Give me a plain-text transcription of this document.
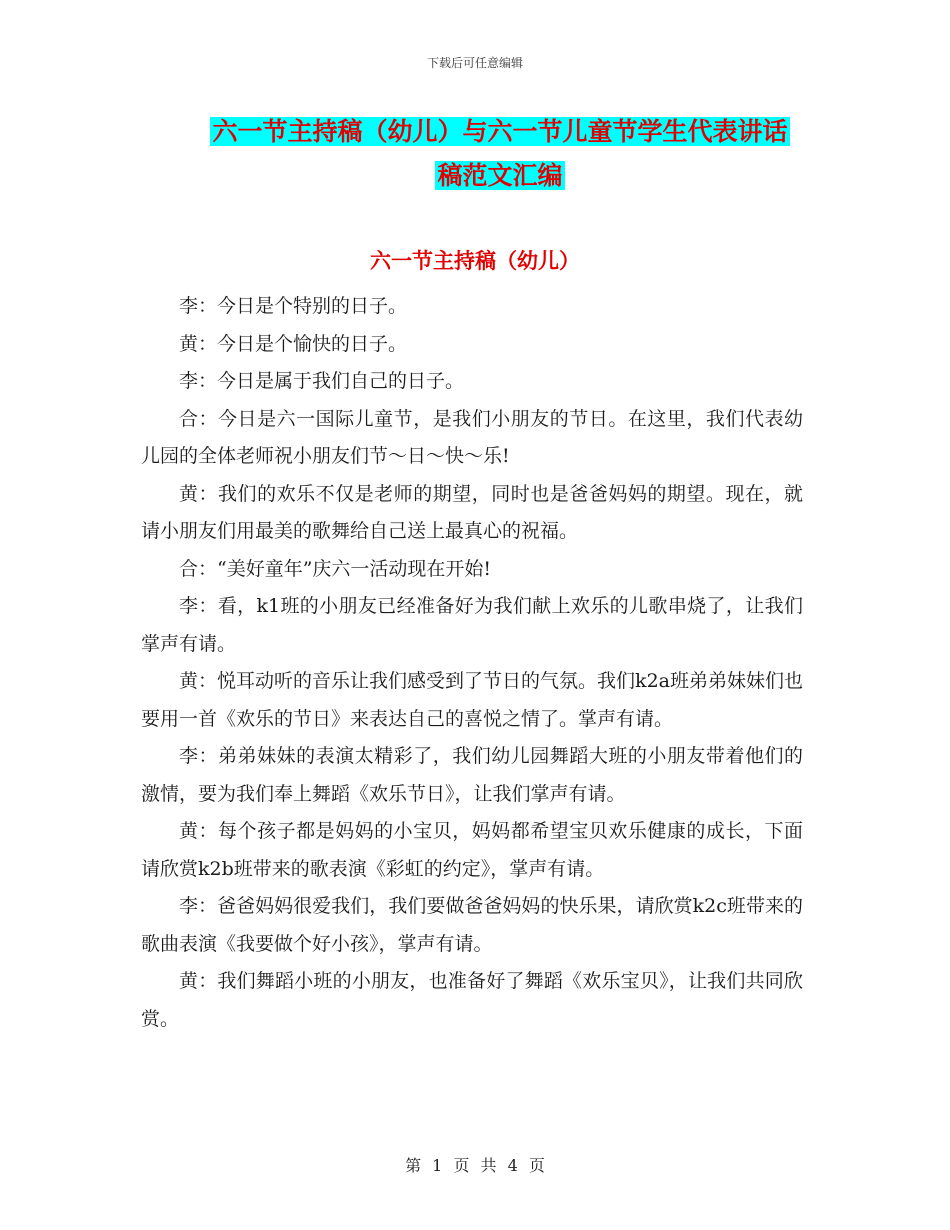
下载后可任意编辑
六一节主持稿（幼儿）与六一节儿童节学生代表讲话
稿范文汇编
六一节主持稿（幼儿）

李：今日是个特别的日子。

黄：今日是个愉快的日子。

李：今日是属于我们自己的日子。

合：今日是六一国际儿童节，是我们小朋友的节日。在这里，我们代表幼儿园的全体老师祝小朋友们节～日～快～乐!

黄：我们的欢乐不仅是老师的期望，同时也是爸爸妈妈的期望。现在，就请小朋友们用最美的歌舞给自己送上最真心的祝福。

合：“美好童年”庆六一活动现在开始!

李：看，k1班的小朋友已经准备好为我们献上欢乐的儿歌串烧了，让我们掌声有请。

黄：悦耳动听的音乐让我们感受到了节日的气氛。我们k2a班弟弟妹妹们也要用一首《欢乐的节日》来表达自己的喜悦之情了。掌声有请。

李：弟弟妹妹的表演太精彩了，我们幼儿园舞蹈大班的小朋友带着他们的激情，要为我们奉上舞蹈《欢乐节日》，让我们掌声有请。

黄：每个孩子都是妈妈的小宝贝，妈妈都希望宝贝欢乐健康的成长，下面请欣赏k2b班带来的歌表演《彩虹的约定》，掌声有请。

李：爸爸妈妈很爱我们，我们要做爸爸妈妈的快乐果，请欣赏k2c班带来的歌曲表演《我要做个好小孩》，掌声有请。

黄：我们舞蹈小班的小朋友，也准备好了舞蹈《欢乐宝贝》，让我们共同欣赏。

第 1 页 共 4 页
